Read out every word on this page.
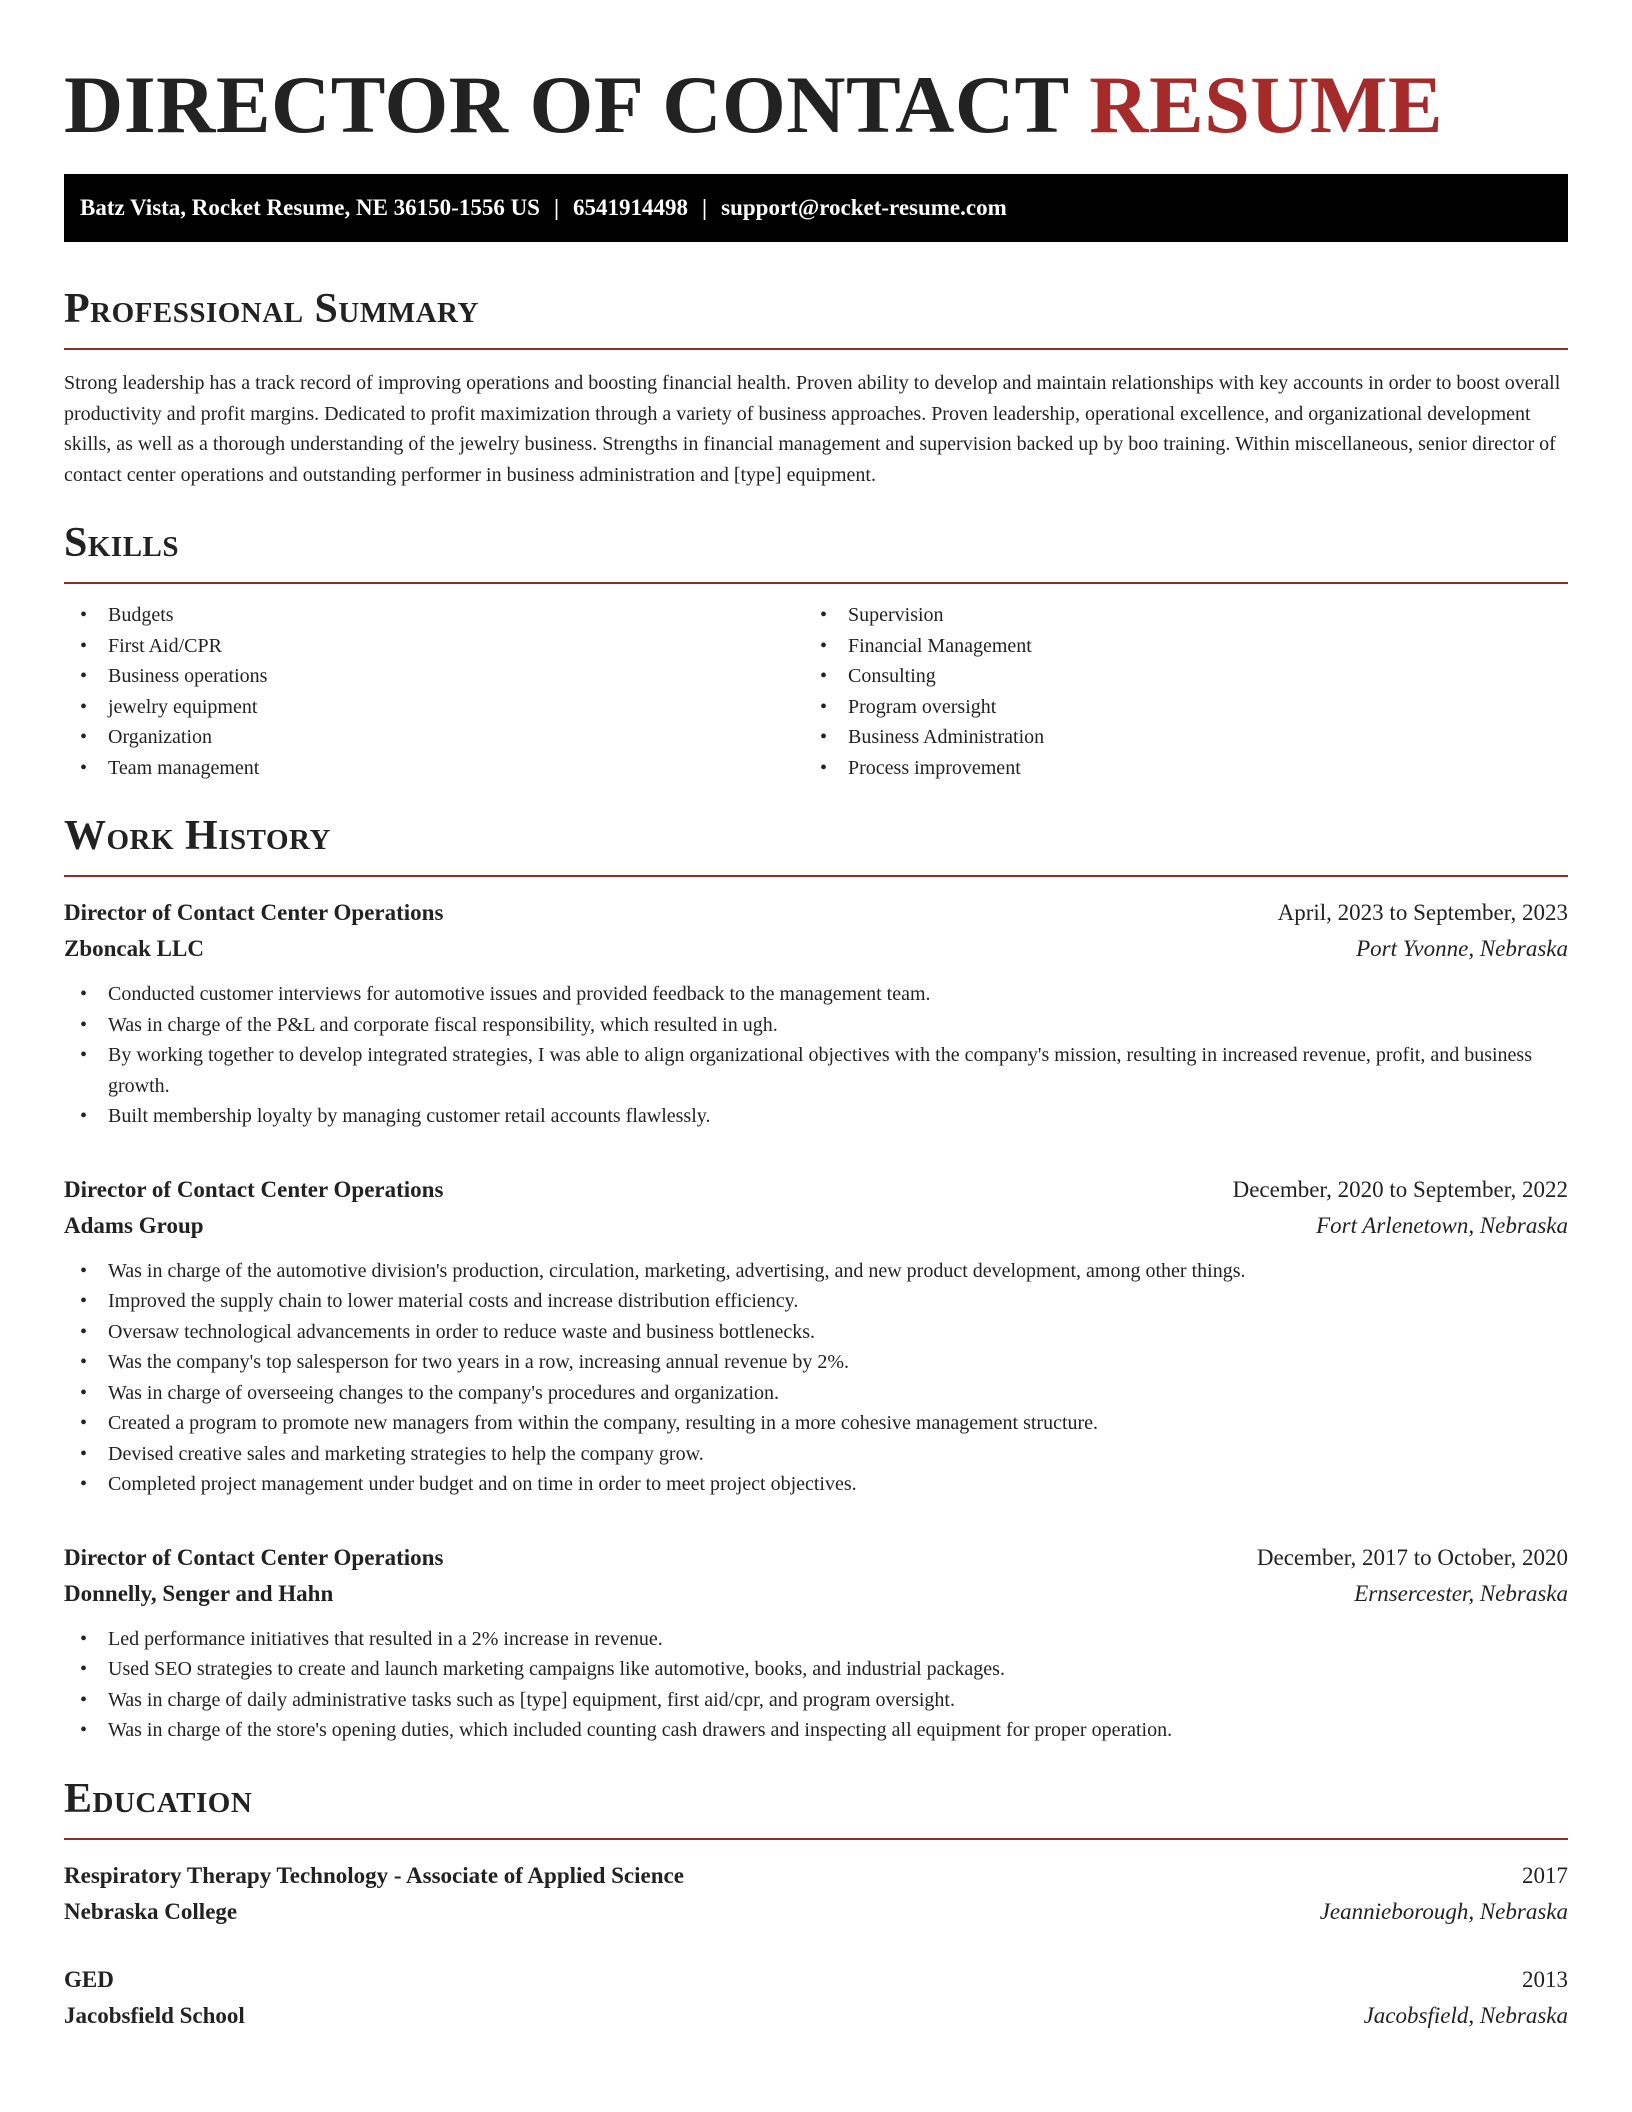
DIRECTOR OF CONTACT RESUME
Batz Vista, Rocket Resume, NE 36150-1556 US | 6541914498 | support@rocket-resume.com
Professional Summary

Strong leadership has a track record of improving operations and boosting financial health. Proven ability to develop and maintain relationships with key accounts in order to boost overall productivity and profit margins. Dedicated to profit maximization through a variety of business approaches. Proven leadership, operational excellence, and organizational development skills, as well as a thorough understanding of the jewelry business. Strengths in financial management and supervision backed up by boo training. Within miscellaneous, senior director of contact center operations and outstanding performer in business administration and [type] equipment.

Skills
• Budgets
• First Aid/CPR
• Business operations
• jewelry equipment
• Organization
• Team management
• Supervision
• Financial Management
• Consulting
• Program oversight
• Business Administration
• Process improvement
Work History
Director of Contact Center Operations	April, 2023 to September, 2023
Zboncak LLC	Port Yvonne, Nebraska
• Conducted customer interviews for automotive issues and provided feedback to the management team.
• Was in charge of the P&L and corporate fiscal responsibility, which resulted in ugh.
• By working together to develop integrated strategies, I was able to align organizational objectives with the company's mission, resulting in increased revenue, profit, and business growth.
• Built membership loyalty by managing customer retail accounts flawlessly.
Director of Contact Center Operations	December, 2020 to September, 2022
Adams Group	Fort Arlenetown, Nebraska
• Was in charge of the automotive division's production, circulation, marketing, advertising, and new product development, among other things.
• Improved the supply chain to lower material costs and increase distribution efficiency.
• Oversaw technological advancements in order to reduce waste and business bottlenecks.
• Was the company's top salesperson for two years in a row, increasing annual revenue by 2%.
• Was in charge of overseeing changes to the company's procedures and organization.
• Created a program to promote new managers from within the company, resulting in a more cohesive management structure.
• Devised creative sales and marketing strategies to help the company grow.
• Completed project management under budget and on time in order to meet project objectives.
Director of Contact Center Operations	December, 2017 to October, 2020
Donnelly, Senger and Hahn	Ernsercester, Nebraska
• Led performance initiatives that resulted in a 2% increase in revenue.
• Used SEO strategies to create and launch marketing campaigns like automotive, books, and industrial packages.
• Was in charge of daily administrative tasks such as [type] equipment, first aid/cpr, and program oversight.
• Was in charge of the store's opening duties, which included counting cash drawers and inspecting all equipment for proper operation.
Education
Respiratory Therapy Technology - Associate of Applied Science	2017
Nebraska College	Jeannieborough, Nebraska
GED	2013
Jacobsfield School	Jacobsfield, Nebraska
